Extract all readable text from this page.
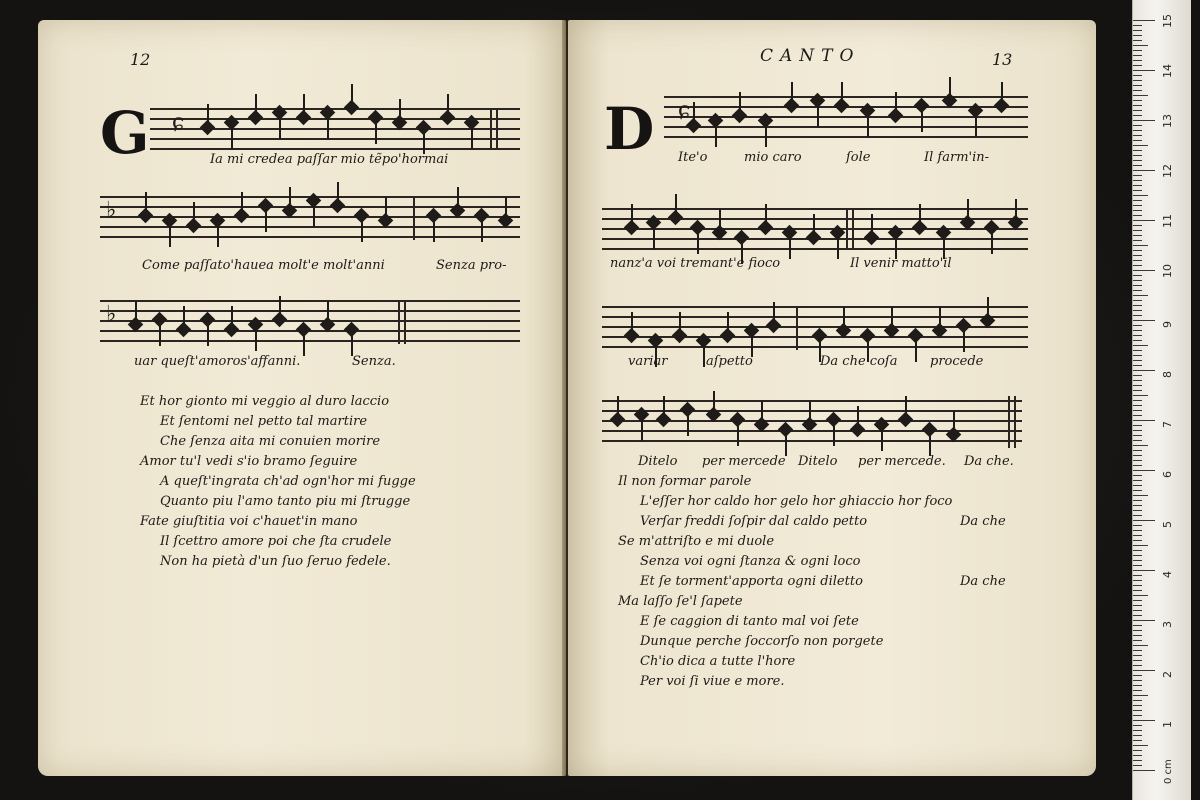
12
G ɕ
Ia mi credea paſſar mio tẽpo'hormai
♭
Come paſſato'hauea molt'e molt'anni	Senza pro-
♭
uar queſt'amoros'affanni.	Senza.
Et hor gionto mi veggio al duro laccio
Et ſentomi nel petto tal martire
Che ſenza aita mi conuien morire
Amor tu'l vedi s'io bramo ſeguire
A queſt'ingrata ch'ad ogn'hor mi fugge
Quanto piu l'amo tanto piu mi ſtrugge
Fate giuſtitia voi c'hauet'in mano
Il ſcettro amore poi che ſta crudele
Non ha pietà d'un ſuo ſeruo fedele.
CANTO	13
D ɕ
Ite'o	mio caro	ſole	Il farm'in-
nanz'a voi tremant'e fioco	Il venir matto'il
variar	aſpetto	Da che coſa	procede
Ditelo per mercede Ditelo per mercede. Da che.
Il non formar parole
L'eſſer hor caldo hor gelo hor ghiaccio hor foco
Verſar freddi ſoſpir dal caldo petto	Da che
Se m'attriſto e mi duole
Senza voi ogni ſtanza & ogni loco
Et ſe torment'apporta ogni diletto	Da che
Ma laſſo ſe'l ſapete
E ſe caggion di tanto mal voi ſete
Dunque perche ſoccorſo non porgete
Ch'io dica a tutte l'hore
Per voi ſi viue e more.
0 cm
15
14
13
12
11
10
9
8
7
6
5
4
3
2
1
